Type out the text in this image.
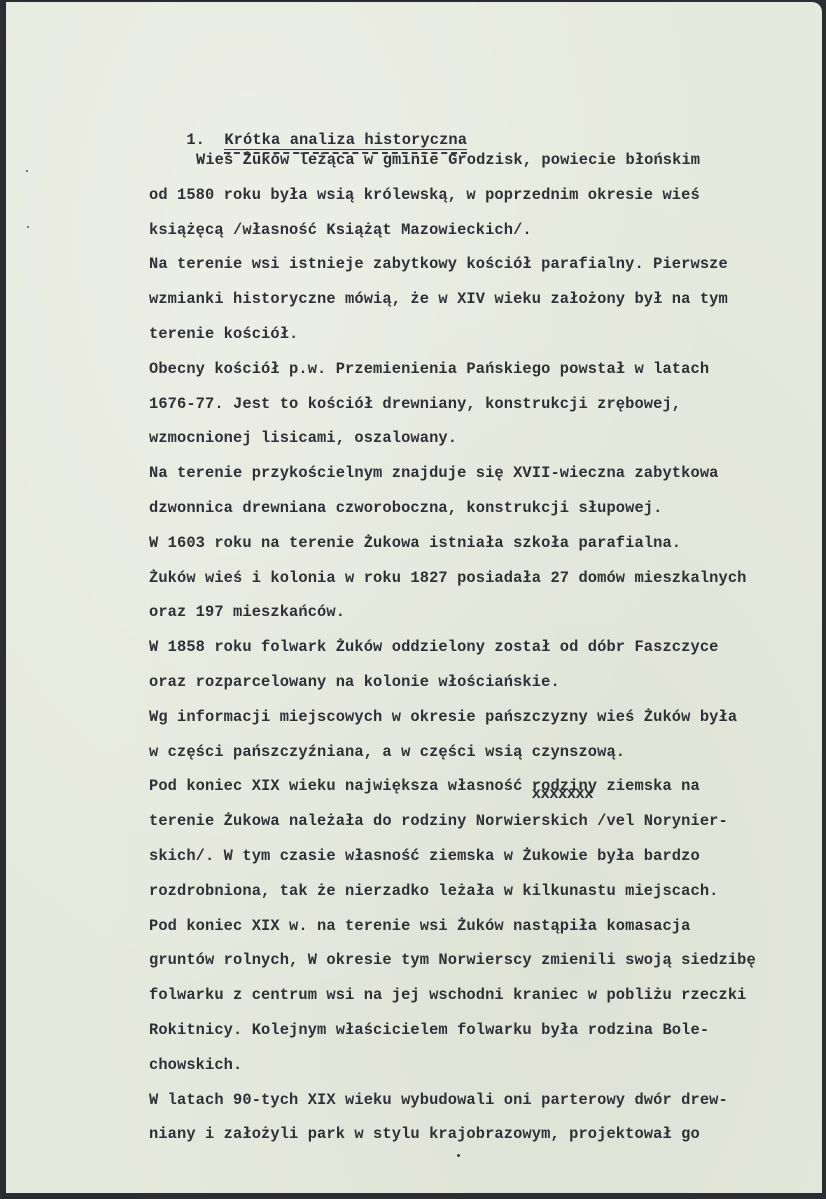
1. Krótka analiza historyczna

Wieś Żuków leżąca w gminie Grodzisk, powiecie błońskim
od 1580 roku była wsią królewską, w poprzednim okresie wieś
książęcą /własność Książąt Mazowieckich/.
Na terenie wsi istnieje zabytkowy kościół parafialny. Pierwsze
wzmianki historyczne mówią, że w XIV wieku założony był na tym
terenie kościół.
Obecny kościół p.w. Przemienienia Pańskiego powstał w latach
1676-77. Jest to kościół drewniany, konstrukcji zrębowej,
wzmocnionej lisicami, oszalowany.
Na terenie przykościelnym znajduje się XVII-wieczna zabytkowa
dzwonnica drewniana czworoboczna, konstrukcji słupowej.
W 1603 roku na terenie Żukowa istniała szkoła parafialna.
Żuków wieś i kolonia w roku 1827 posiadała 27 domów mieszkalnych
oraz 197 mieszkańców.
W 1858 roku folwark Żuków oddzielony został od dóbr Faszczyce
oraz rozparcelowany na kolonie włościańskie.
Wg informacji miejscowych w okresie pańszczyzny wieś Żuków była
w części pańszczyźniana, a w części wsią czynszową.
Pod koniec XIX wieku największa własność rodziny xxxxxxx ziemska na
terenie Żukowa należała do rodziny Norwierskich /vel Norynier-
skich/. W tym czasie własność ziemska w Żukowie była bardzo
rozdrobniona, tak że nierzadko leżała w kilkunastu miejscach.
Pod koniec XIX w. na terenie wsi Żuków nastąpiła komasacja
gruntów rolnych, W okresie tym Norwierscy zmienili swoją siedzibę
folwarku z centrum wsi na jej wschodni kraniec w pobliżu rzeczki
Rokitnicy. Kolejnym właścicielem folwarku była rodzina Bole-
chowskich.
W latach 90-tych XIX wieku wybudowali oni parterowy dwór drew-
niany i założyli park w stylu krajobrazowym, projektował go
